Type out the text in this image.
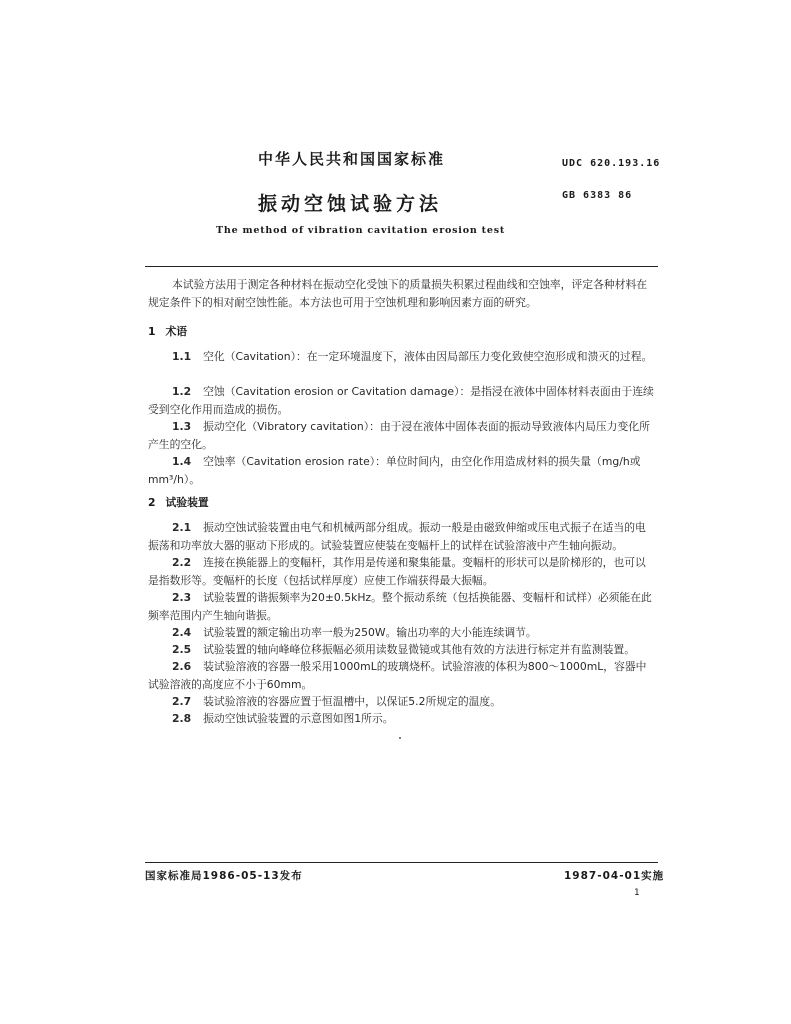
中华人民共和国国家标准	UDC 620.193.16
振动空蚀试验方法	GB 6383 86
The method of vibration cavitation erosion test
本试验方法用于测定各种材料在振动空化受蚀下的质量损失积累过程曲线和空蚀率，评定各种材料在规定条件下的相对耐空蚀性能。本方法也可用于空蚀机理和影响因素方面的研究。
1 术语
1.1 空化（Cavitation）：在一定环境温度下，液体由因局部压力变化致使空泡形成和溃灭的过程。
1.2 空蚀（Cavitation erosion or Cavitation damage）：是指浸在液体中固体材料表面由于连续受到空化作用而造成的损伤。
1.3 振动空化（Vibratory cavitation）：由于浸在液体中固体表面的振动导致液体内局压力变化所产生的空化。
1.4 空蚀率（Cavitation erosion rate）：单位时间内，由空化作用造成材料的损失量（mg/h或mm³/h）。
2 试验装置
2.1 振动空蚀试验装置由电气和机械两部分组成。振动一般是由磁致伸缩或压电式振子在适当的电振荡和功率放大器的驱动下形成的。试验装置应使装在变幅杆上的试样在试验溶液中产生轴向振动。
2.2 连接在换能器上的变幅杆，其作用是传递和聚集能量。变幅杆的形状可以是阶梯形的，也可以是指数形等。变幅杆的长度（包括试样厚度）应使工作端获得最大振幅。
2.3 试验装置的谐振频率为20±0.5kHz。整个振动系统（包括换能器、变幅杆和试样）必须能在此频率范围内产生轴向谐振。
2.4 试验装置的额定输出功率一般为250W。输出功率的大小能连续调节。
2.5 试验装置的轴向峰峰位移振幅必须用读数显微镜或其他有效的方法进行标定并有监测装置。
2.6 装试验溶液的容器一般采用1000mL的玻璃烧杯。试验溶液的体积为800～1000mL，容器中试验溶液的高度应不小于60mm。
2.7 装试验溶液的容器应置于恒温槽中，以保证5.2所规定的温度。
2.8 振动空蚀试验装置的示意图如图1所示。
国家标准局1986-05-13发布	1987-04-01实施
1
